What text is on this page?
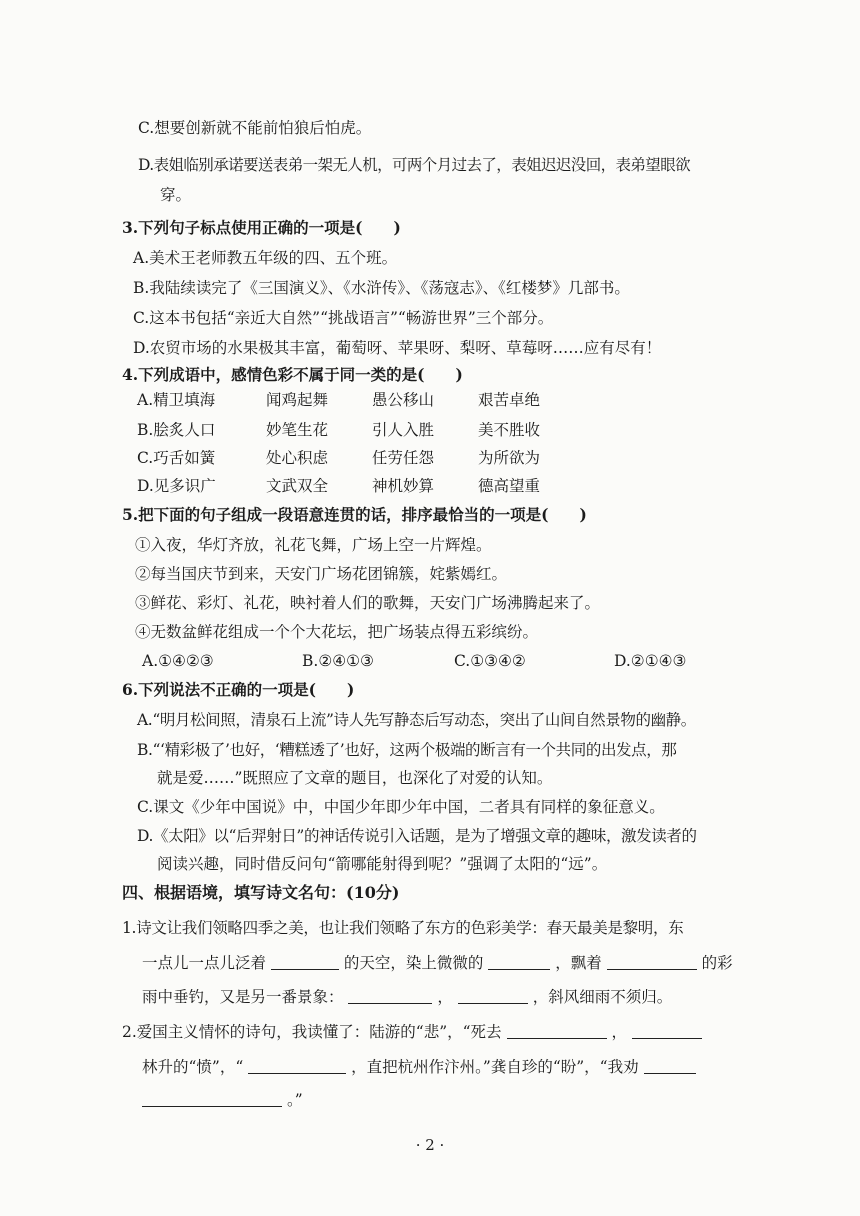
C.想要创新就不能前怕狼后怕虎。
D.表姐临别承诺要送表弟一架无人机，可两个月过去了，表姐迟迟没回，表弟望眼欲
穿。
3.下列句子标点使用正确的一项是(　　)
A.美术王老师教五年级的四、五个班。
B.我陆续读完了《三国演义》、《水浒传》、《荡寇志》、《红楼梦》几部书。
C.这本书包括“亲近大自然”“挑战语言”“畅游世界”三个部分。
D.农贸市场的水果极其丰富，葡萄呀、苹果呀、梨呀、草莓呀……应有尽有！
4.下列成语中，感情色彩不属于同一类的是(　　)
A.精卫填海	闻鸡起舞	愚公移山	艰苦卓绝
B.脍炙人口	妙笔生花	引人入胜	美不胜收
C.巧舌如簧	处心积虑	任劳任怨	为所欲为
D.见多识广	文武双全	神机妙算	德高望重
5.把下面的句子组成一段语意连贯的话，排序最恰当的一项是(　　)
①入夜，华灯齐放，礼花飞舞，广场上空一片辉煌。
②每当国庆节到来，天安门广场花团锦簇，姹紫嫣红。
③鲜花、彩灯、礼花，映衬着人们的歌舞，天安门广场沸腾起来了。
④无数盆鲜花组成一个个大花坛，把广场装点得五彩缤纷。
A.①④②③	B.②④①③	C.①③④②	D.②①④③
6.下列说法不正确的一项是(　　)
A.“明月松间照，清泉石上流”诗人先写静态后写动态，突出了山间自然景物的幽静。
B.“‘精彩极了’也好，‘糟糕透了’也好，这两个极端的断言有一个共同的出发点，那
就是爱……”既照应了文章的题目，也深化了对爱的认知。
C.课文《少年中国说》中，中国少年即少年中国，二者具有同样的象征意义。
D.《太阳》以“后羿射日”的神话传说引入话题，是为了增强文章的趣味，激发读者的
阅读兴趣，同时借反问句“箭哪能射得到呢？”强调了太阳的“远”。
四、根据语境，填写诗文名句：(10分)
1.诗文让我们领略四季之美，也让我们领略了东方的色彩美学：春天最美是黎明，东
一点儿一点儿泛着	的天空，染上微微的	，飘着	的彩
雨中垂钓，又是另一番景象：	，	，斜风细雨不须归。
2.爱国主义情怀的诗句，我读懂了：陆游的“悲”，“死去	，
林升的“愤”，“	，直把杭州作汴州。”龚自珍的“盼”，“我劝
。”
· 2 ·
